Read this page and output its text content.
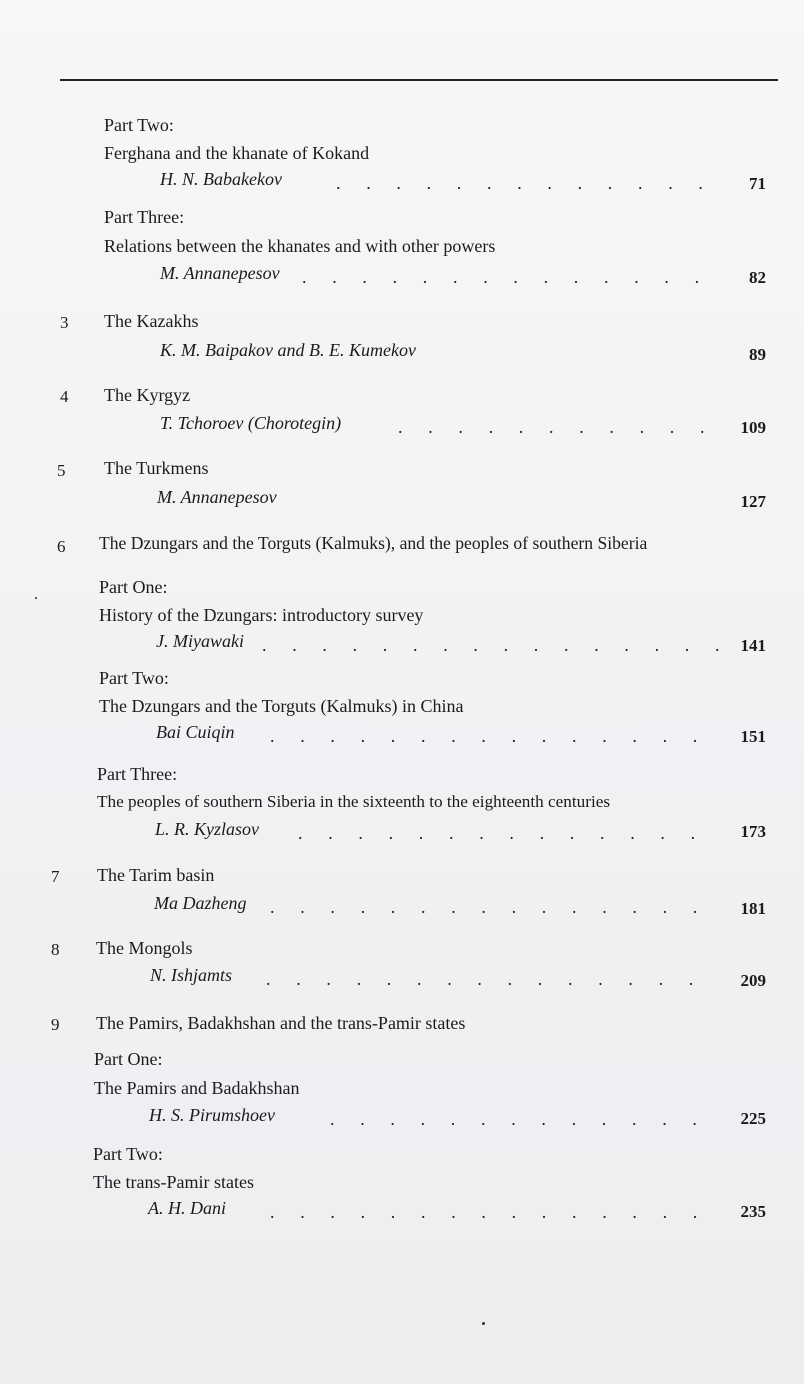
Part Two:
Ferghana and the khanate of Kokand
H. N. Babakekov . . .	71
Part Three:
Relations between the khanates and with other powers
M. Annanepesov . . .	82
3 The Kazakhs
K. M. Baipakov and B. E. Kumekov	89
4 The Kyrgyz
T. Tchoroev (Chorotegin) . . .	109
5 The Turkmens
M. Annanepesov	127
6 The Dzungars and the Torguts (Kalmuks), and the peoples of southern Siberia
Part One:
History of the Dzungars: introductory survey
J. Miyawaki . . .	141
Part Two:
The Dzungars and the Torguts (Kalmuks) in China
Bai Cuiqin . . .	151
Part Three:
The peoples of southern Siberia in the sixteenth to the eighteenth centuries
L. R. Kyzlasov . . .	173
7 The Tarim basin
Ma Dazheng . . .	181
8 The Mongols
N. Ishjamts . . .	209
9 The Pamirs, Badakhshan and the trans-Pamir states
Part One:
The Pamirs and Badakhshan
H. S. Pirumshoev . . .	225
Part Two:
The trans-Pamir states
A. H. Dani . . .	235
